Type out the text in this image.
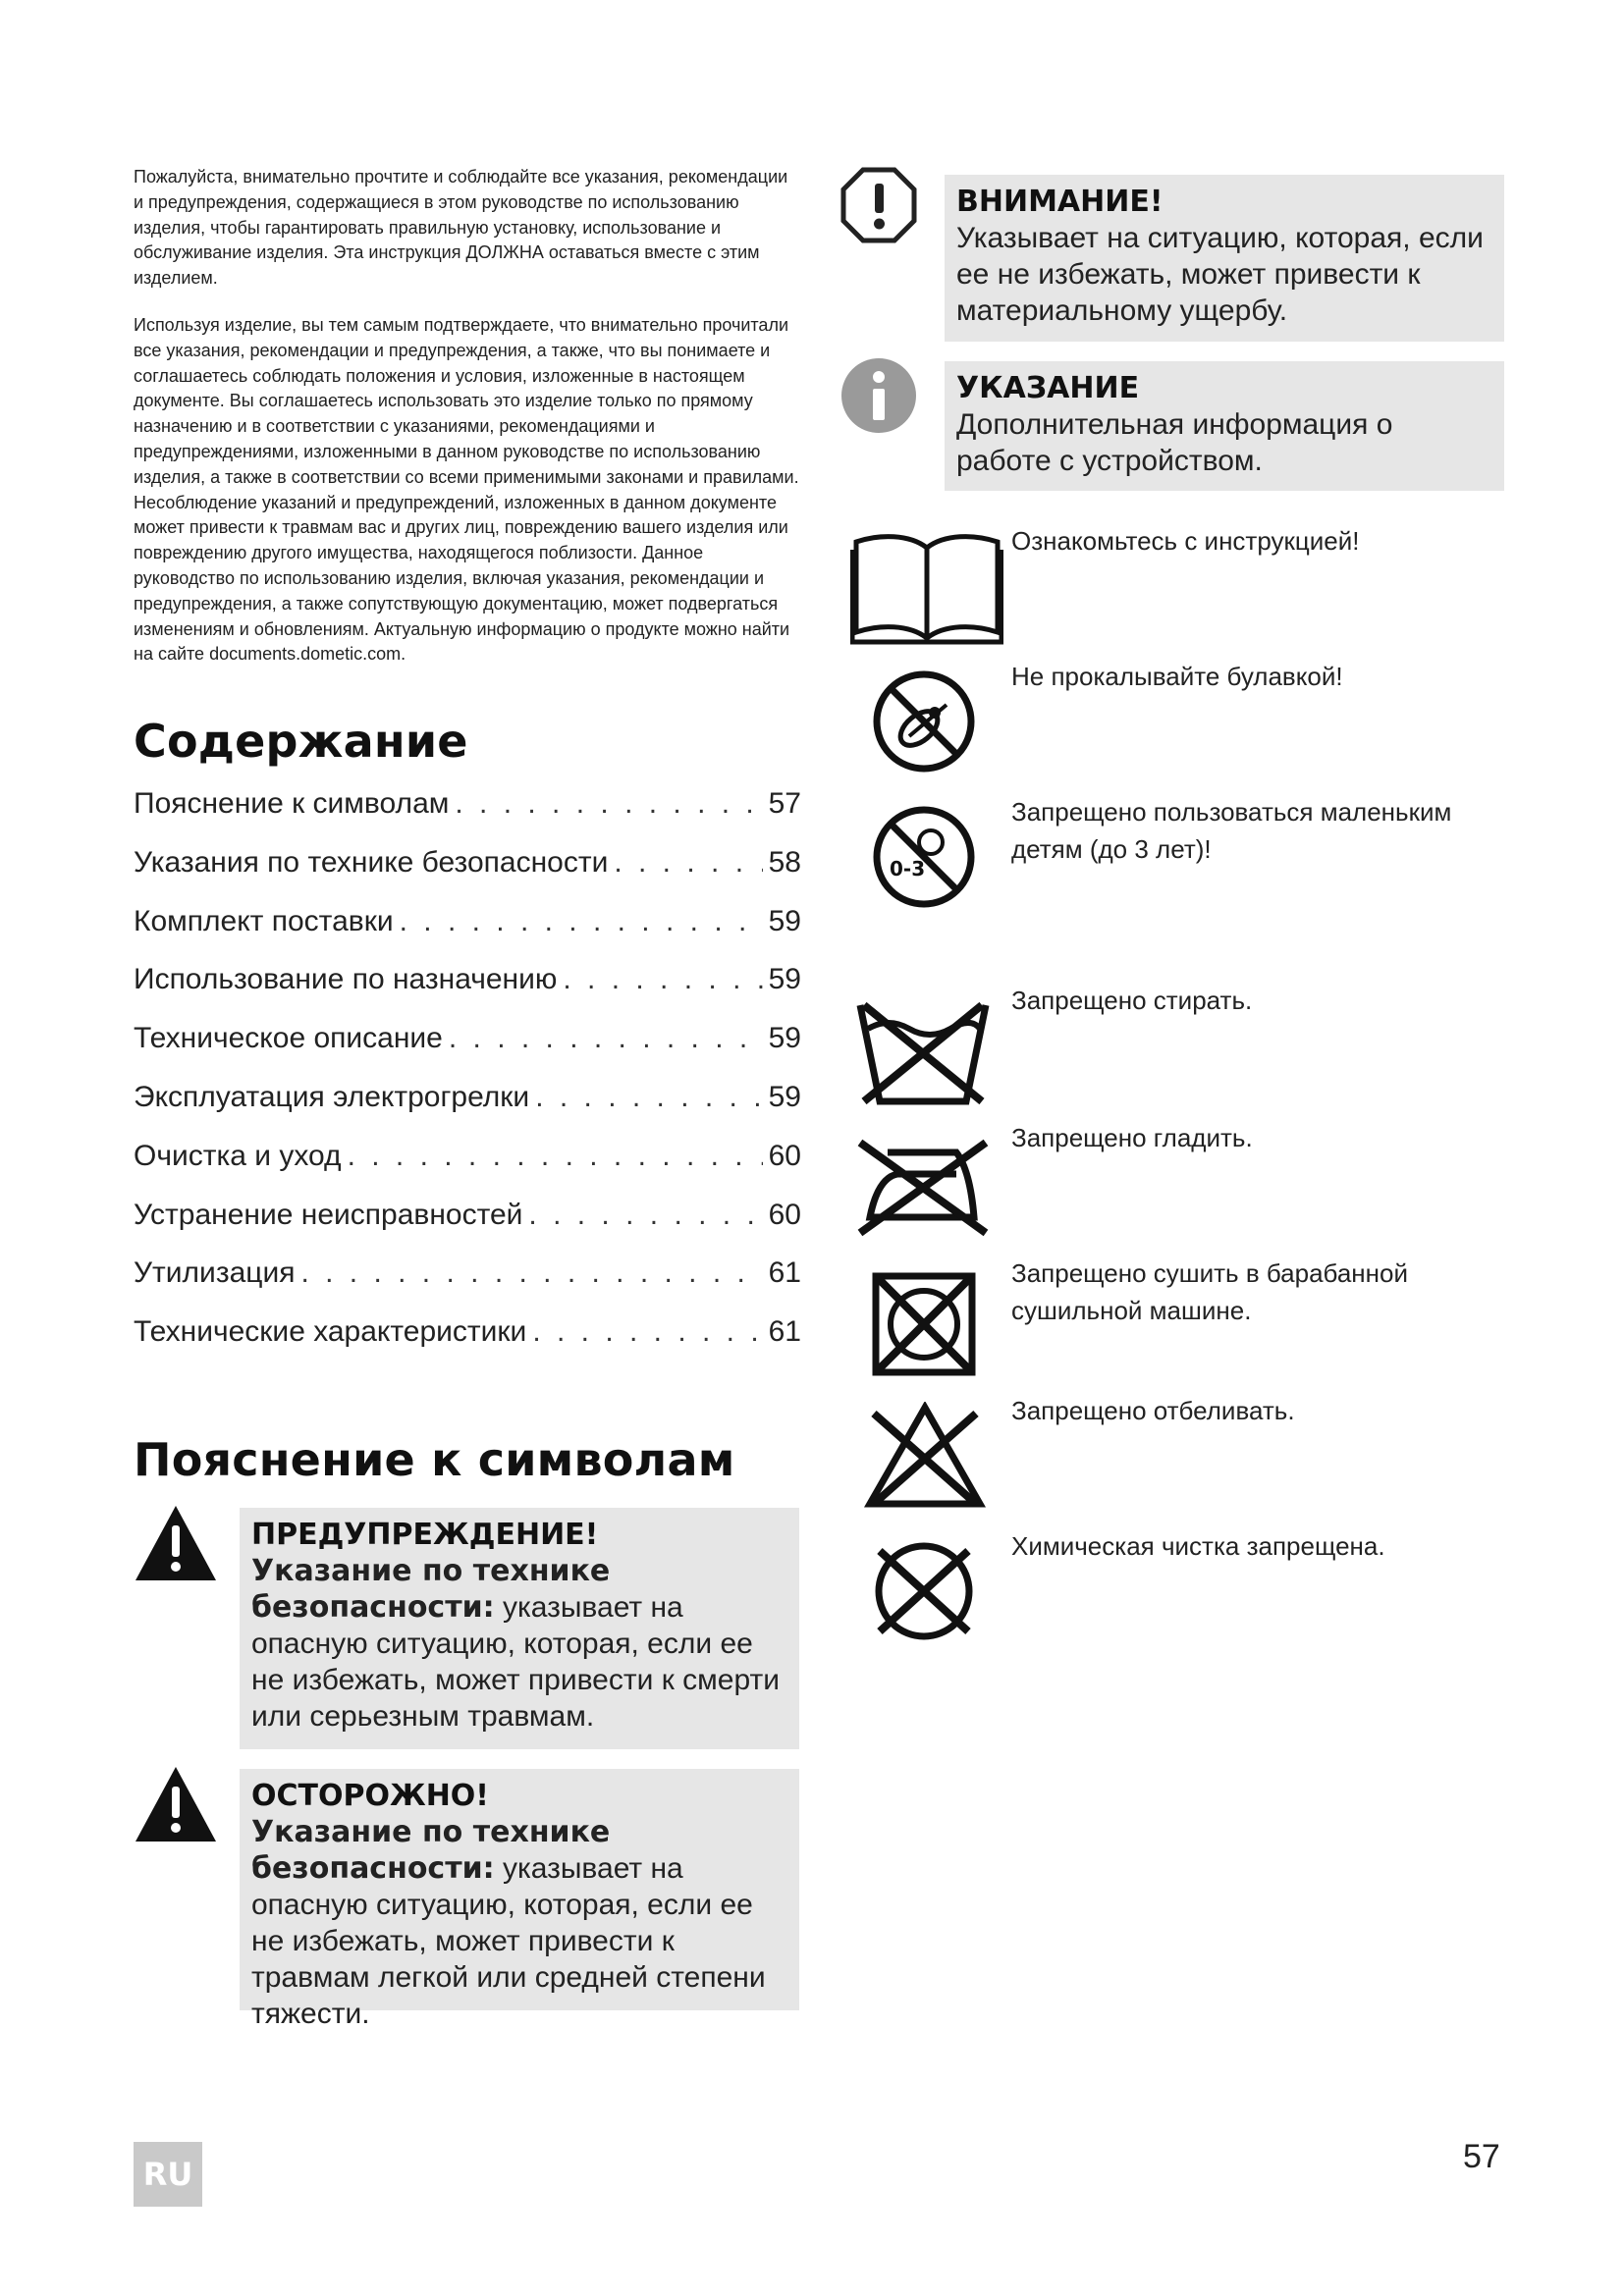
Пожалуйста, внимательно прочтите и соблюдайте все указания, рекомендации и предупреждения, содержащиеся в этом руководстве по использованию изделия, чтобы гарантировать правильную установку, использование и обслуживание изделия. Эта инструкция ДОЛЖНА оставаться вместе с этим изделием.

Используя изделие, вы тем самым подтверждаете, что внимательно прочитали все указания, рекомендации и предупреждения, а также, что вы понимаете и соглашаетесь соблюдать положения и условия, изложенные в настоящем документе. Вы соглашаетесь использовать это изделие только по прямому назначению и в соответствии с указаниями, рекомендациями и предупреждениями, изложенными в данном руководстве по использованию изделия, а также в соответствии со всеми применимыми законами и правилами. Несоблюдение указаний и предупреждений, изложенных в данном документе может привести к травмам вас и других лиц, повреждению вашего изделия или повреждению другого имущества, находящегося поблизости. Данное руководство по использованию изделия, включая указания, рекомендации и предупреждения, а также сопутствующую документацию, может подвергаться изменениям и обновлениям. Актуальную информацию о продукте можно найти на сайте documents.dometic.com.

Содержание
Пояснение к символам . . .	57
Указания по технике безопасности . . .	58
Комплект поставки . . .	59
Использование по назначению . . .	59
Техническое описание . . .	59
Эксплуатация электрогрелки . . .	59
Очистка и уход . . .	60
Устранение неисправностей . . .	60
Утилизация . . .	61
Технические характеристики . . .	61
Пояснение к символам
ПРЕДУПРЕЖДЕНИЕ!
Указание по технике безопасности: указывает на опасную ситуацию, которая, если ее не избежать, может привести к смерти или серьезным травмам.
ОСТОРОЖНО!
Указание по технике безопасности: указывает на опасную ситуацию, которая, если ее не избежать, может привести к травмам легкой или средней степени тяжести.
ВНИМАНИЕ!
Указывает на ситуацию, которая, если ее не избежать, может привести к материальному ущербу.
УКАЗАНИЕ
Дополнительная информация о работе с устройством.
Ознакомьтесь с инструкцией!
Не прокалывайте булавкой!
0-3
Запрещено пользоваться маленьким детям (до 3 лет)!
Запрещено стирать.
Запрещено гладить.
Запрещено сушить в барабанной сушильной машине.
Запрещено отбеливать.
Химическая чистка запрещена.
RU	57
